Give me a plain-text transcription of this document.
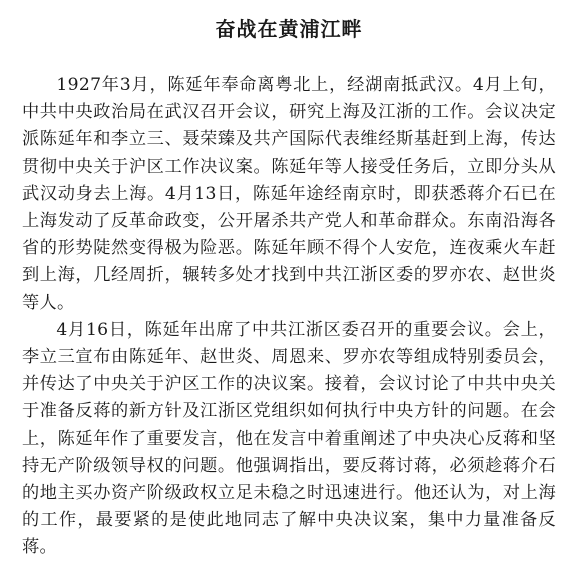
奋战在黄浦江畔

1927年3月，陈延年奉命离粤北上，经湖南抵武汉。4月上旬，中共中央政治局在武汉召开会议，研究上海及江浙的工作。会议决定派陈延年和李立三、聂荣臻及共产国际代表维经斯基赶到上海，传达贯彻中央关于沪区工作决议案。陈延年等人接受任务后，立即分头从武汉动身去上海。4月13日，陈延年途经南京时，即获悉蒋介石已在上海发动了反革命政变，公开屠杀共产党人和革命群众。东南沿海各省的形势陡然变得极为险恶。陈延年顾不得个人安危，连夜乘火车赶到上海，几经周折，辗转多处才找到中共江浙区委的罗亦农、赵世炎等人。

4月16日，陈延年出席了中共江浙区委召开的重要会议。会上，李立三宣布由陈延年、赵世炎、周恩来、罗亦农等组成特别委员会，并传达了中央关于沪区工作的决议案。接着，会议讨论了中共中央关于准备反蒋的新方针及江浙区党组织如何执行中央方针的问题。在会上，陈延年作了重要发言，他在发言中着重阐述了中央决心反蒋和坚持无产阶级领导权的问题。他强调指出，要反蒋讨蒋，必须趁蒋介石的地主买办资产阶级政权立足未稳之时迅速进行。他还认为，对上海的工作，最要紧的是使此地同志了解中央决议案，集中力量准备反蒋。
